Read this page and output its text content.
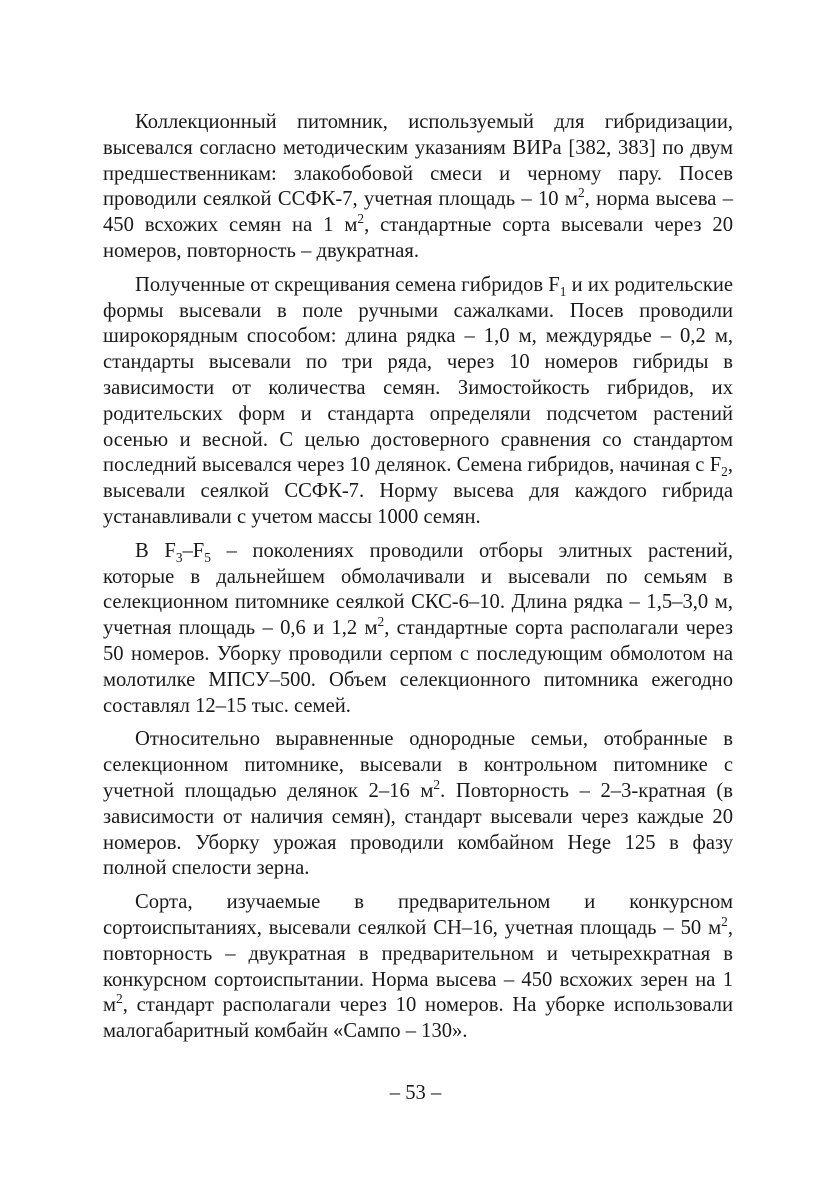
Коллекционный питомник, используемый для гибридизации, высевался согласно методическим указаниям ВИРа [382, 383] по двум предшественникам: злакобобовой смеси и черному пару. Посев проводили сеялкой ССФК-7, учетная площадь – 10 $м^2$, норма высева – 450 всхожих семян на 1 $м^2$, стандартные сорта высевали через 20 номеров, повторность – двукратная.

Полученные от скрещивания семена гибридов $F_1$ и их родительские формы высевали в поле ручными сажалками. Посев проводили широкорядным способом: длина рядка – 1,0 м, междурядье – 0,2 м, стандарты высевали по три ряда, через 10 номеров гибриды в зависимости от количества семян. Зимостойкость гибридов, их родительских форм и стандарта определяли подсчетом растений осенью и весной. С целью достоверного сравнения со стандартом последний высевался через 10 делянок. Семена гибридов, начиная с $F_2$, высевали сеялкой ССФК-7. Норму высева для каждого гибрида устанавливали с учетом массы 1000 семян.

В $F_3-F_5$ – поколениях проводили отборы элитных растений, которые в дальнейшем обмолачивали и высевали по семьям в селекционном питомнике сеялкой СКС-6–10. Длина рядка – 1,5–3,0 м, учетная площадь – 0,6 и 1,2 $м^2$, стандартные сорта располагали через 50 номеров. Уборку проводили серпом с последующим обмолотом на молотилке МПСУ–500. Объем селекционного питомника ежегодно составлял 12–15 тыс. семей.

Относительно выравненные однородные семьи, отобранные в селекционном питомнике, высевали в контрольном питомнике с учетной площадью делянок 2–16 $м^2$. Повторность – 2–3-кратная (в зависимости от наличия семян), стандарт высевали через каждые 20 номеров. Уборку урожая проводили комбайном Hege 125 в фазу полной спелости зерна.

Сорта, изучаемые в предварительном и конкурсном сортоиспытаниях, высевали сеялкой СН–16, учетная площадь – 50 $м^2$, повторность – двукратная в предварительном и четырехкратная в конкурсном сортоиспытании. Норма высева – 450 всхожих зерен на 1 $м^2$, стандарт располагали через 10 номеров. На уборке использовали малогабаритный комбайн «Сампо – 130».

– 53 –
